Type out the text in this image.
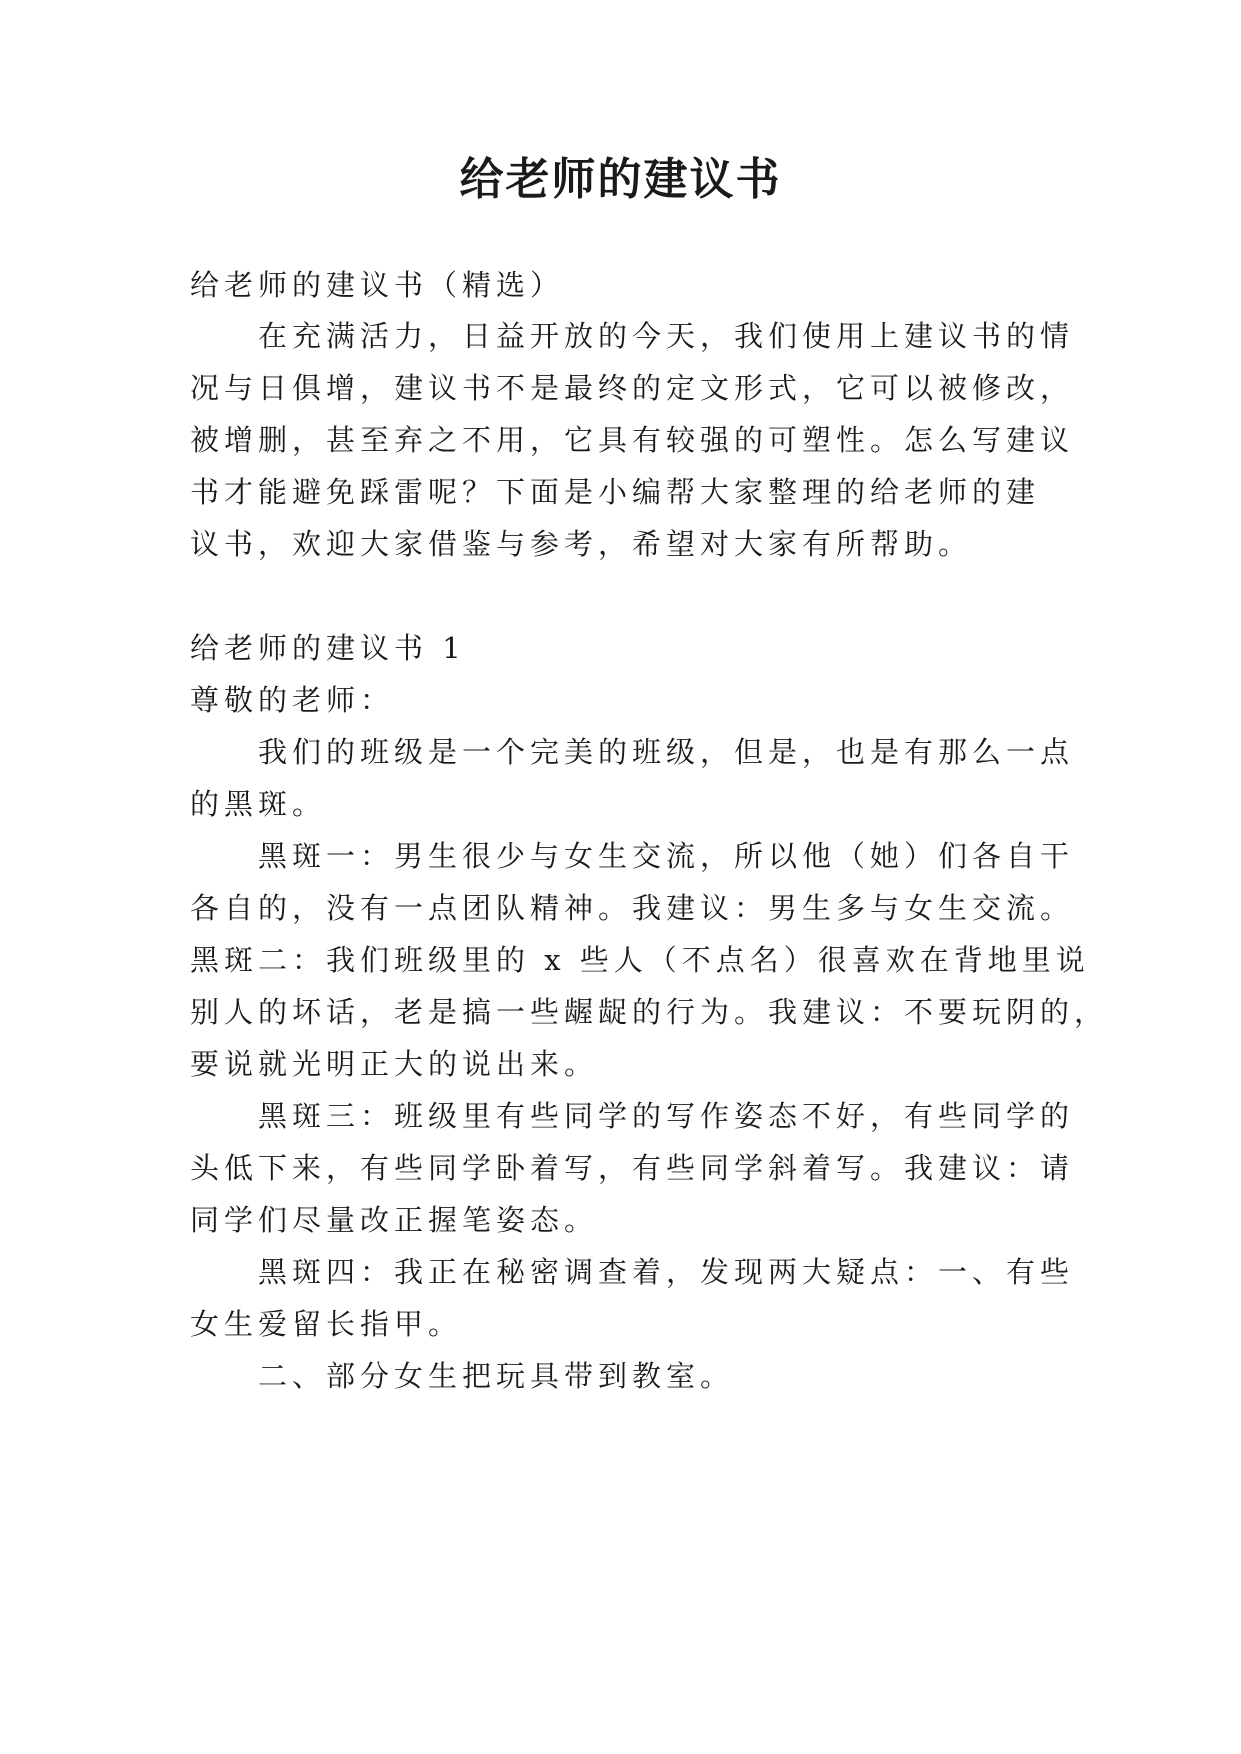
给老师的建议书

给老师的建议书（精选）

在充满活力，日益开放的今天，我们使用上建议书的情

况与日俱增，建议书不是最终的定文形式，它可以被修改，

被增删，甚至弃之不用，它具有较强的可塑性。怎么写建议

书才能避免踩雷呢？下面是小编帮大家整理的给老师的建

议书，欢迎大家借鉴与参考，希望对大家有所帮助。

给老师的建议书 1

尊敬的老师：

我们的班级是一个完美的班级，但是，也是有那么一点

的黑斑。

黑斑一：男生很少与女生交流，所以他（她）们各自干

各自的，没有一点团队精神。我建议：男生多与女生交流。

黑斑二：我们班级里的 x 些人（不点名）很喜欢在背地里说

别人的坏话，老是搞一些龌龊的行为。我建议：不要玩阴的，

要说就光明正大的说出来。

黑斑三：班级里有些同学的写作姿态不好，有些同学的

头低下来，有些同学卧着写，有些同学斜着写。我建议：请

同学们尽量改正握笔姿态。

黑斑四：我正在秘密调查着，发现两大疑点：一、有些

女生爱留长指甲。

二、部分女生把玩具带到教室。
